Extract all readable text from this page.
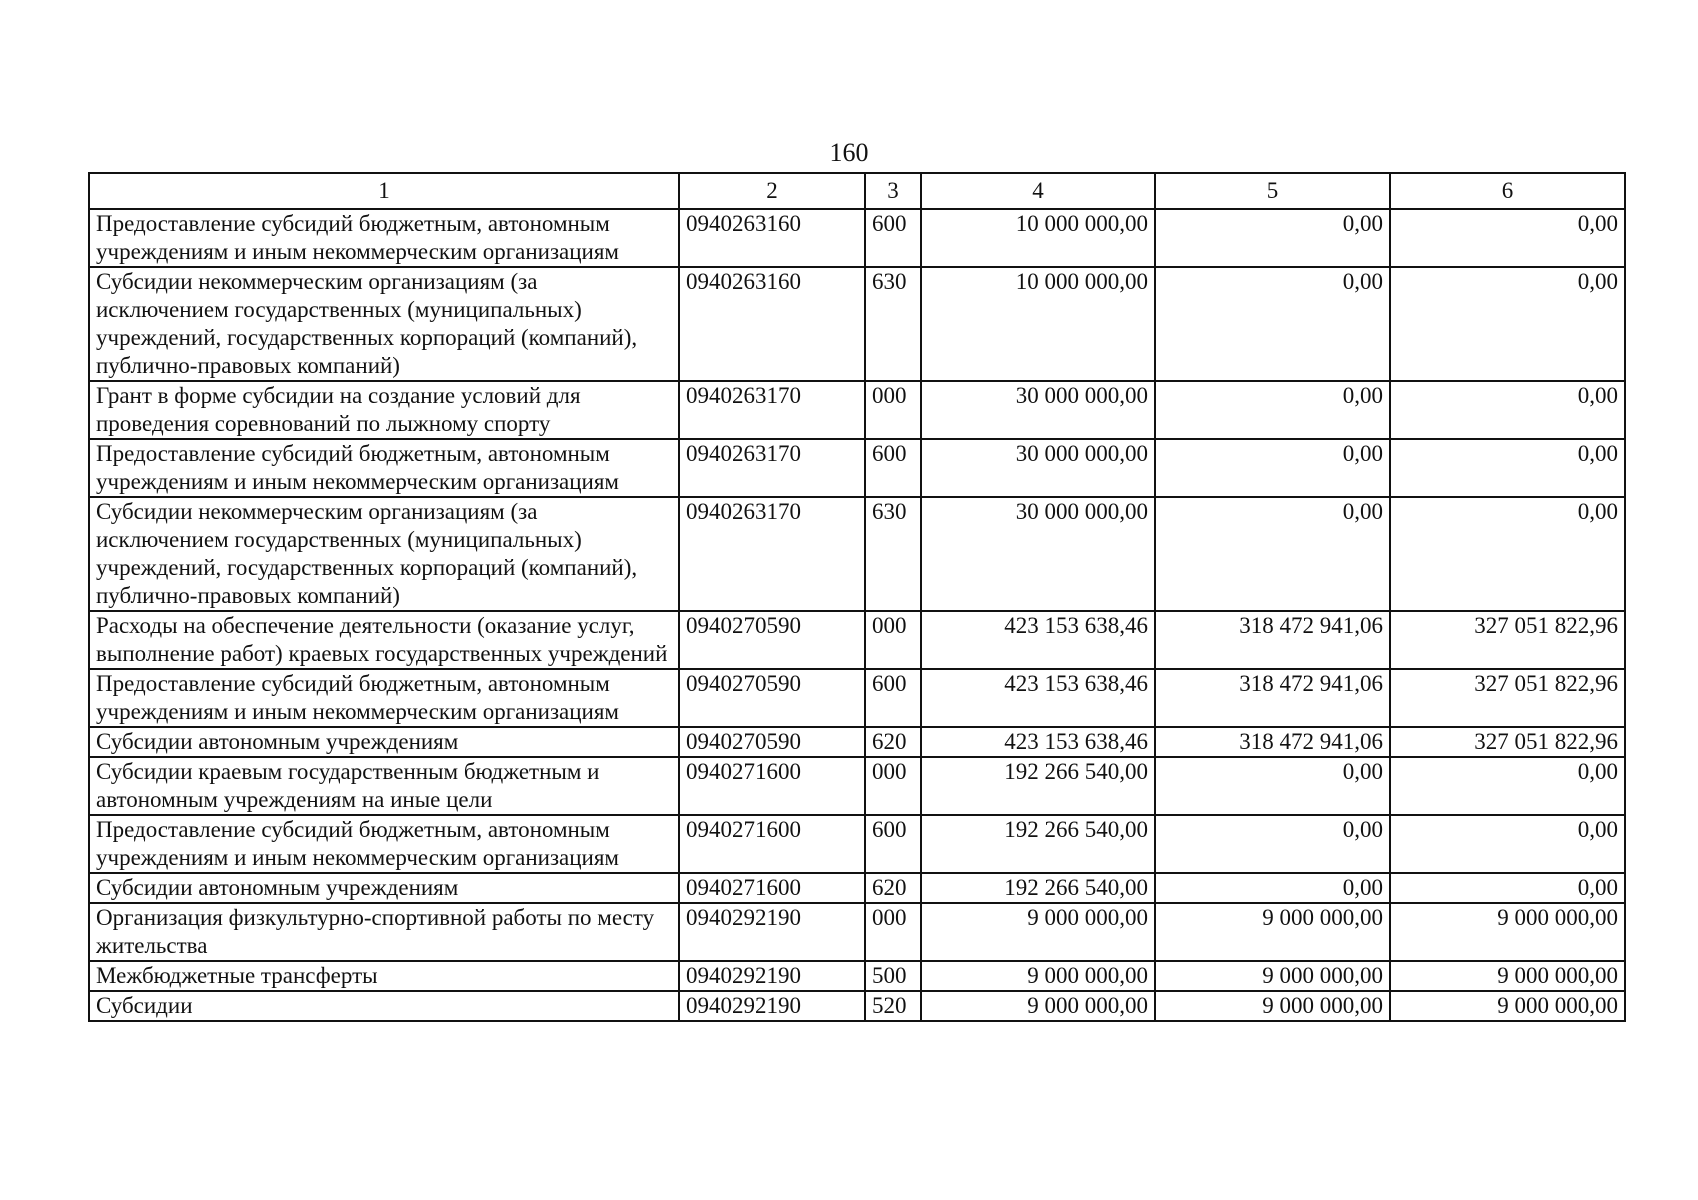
160
1	2	3	4	5	6
Предоставление субсидий бюджетным, автономным учреждениям и иным некоммерческим организациям	0940263160	600	10 000 000,00	0,00	0,00
Субсидии некоммерческим организациям (за исключением государственных (муниципальных) учреждений, государственных корпораций (компаний), публично-правовых компаний)	0940263160	630	10 000 000,00	0,00	0,00
Грант в форме субсидии на создание условий для проведения соревнований по лыжному спорту	0940263170	000	30 000 000,00	0,00	0,00
Предоставление субсидий бюджетным, автономным учреждениям и иным некоммерческим организациям	0940263170	600	30 000 000,00	0,00	0,00
Субсидии некоммерческим организациям (за исключением государственных (муниципальных) учреждений, государственных корпораций (компаний), публично-правовых компаний)	0940263170	630	30 000 000,00	0,00	0,00
Расходы на обеспечение деятельности (оказание услуг, выполнение работ) краевых государственных учреждений	0940270590	000	423 153 638,46	318 472 941,06	327 051 822,96
Предоставление субсидий бюджетным, автономным учреждениям и иным некоммерческим организациям	0940270590	600	423 153 638,46	318 472 941,06	327 051 822,96
Субсидии автономным учреждениям	0940270590	620	423 153 638,46	318 472 941,06	327 051 822,96
Субсидии краевым государственным бюджетным и автономным учреждениям на иные цели	0940271600	000	192 266 540,00	0,00	0,00
Предоставление субсидий бюджетным, автономным учреждениям и иным некоммерческим организациям	0940271600	600	192 266 540,00	0,00	0,00
Субсидии автономным учреждениям	0940271600	620	192 266 540,00	0,00	0,00
Организация физкультурно-спортивной работы по месту жительства	0940292190	000	9 000 000,00	9 000 000,00	9 000 000,00
Межбюджетные трансферты	0940292190	500	9 000 000,00	9 000 000,00	9 000 000,00
Субсидии	0940292190	520	9 000 000,00	9 000 000,00	9 000 000,00
